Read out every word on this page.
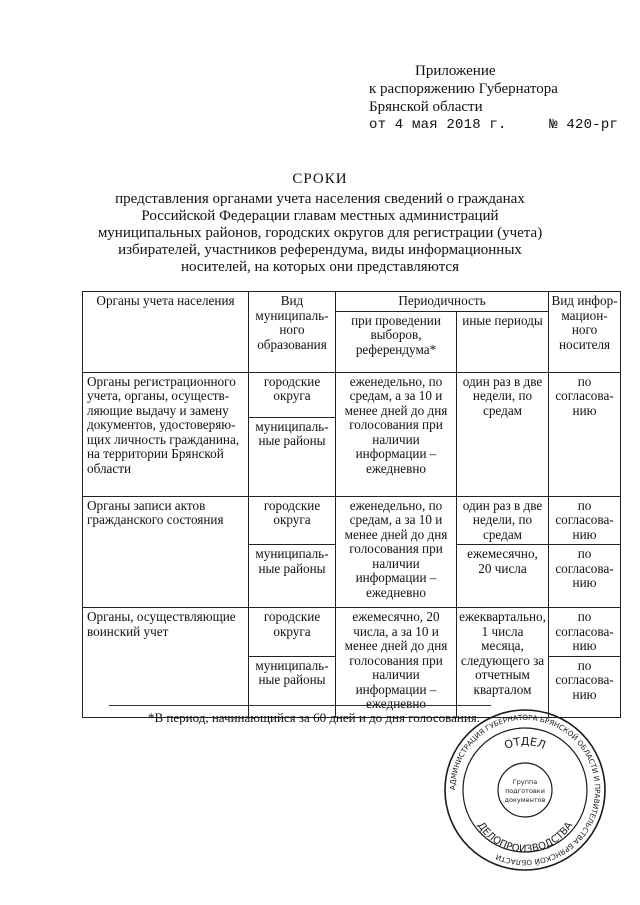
Приложение
к распоряжению Губернатора
Брянской области
от 4 мая 2018 г.	№ 420-рг
СРОКИ
представления органами учета населения сведений о гражданах Российской Федерации главам местных администраций муниципальных районов, городских округов для регистрации (учета) избирателей, участников референдума, виды информационных носителей, на которых они представляются
Органы учета населения	Вид муниципаль-ного образования	Периодичность		Вид инфор-мацион-ного носителя
		при проведении выборов, референдума*	иные периоды	
Органы регистрационного учета, органы, осуществ-ляющие выдачу и замену документов, удостоверяю-щих личность гражданина, на территории Брянской области	городские округа	еженедельно, по средам, а за 10 и менее дней до дня голосования при наличии информации – ежедневно	один раз в две недели, по средам	по согласова-нию
	муниципаль-ные районы			
Органы записи актов гражданского состояния	городские округа	еженедельно, по средам, а за 10 и менее дней до дня голосования при наличии информации – ежедневно	один раз в две недели, по средам	по согласова-нию
	муниципаль-ные районы		ежемесячно, 20 числа	по согласова-нию
Органы, осуществляющие воинский учет	городские округа	ежемесячно, 20 числа, а за 10 и менее дней до дня голосования при наличии информации – ежедневно	ежеквартально, 1 числа месяца, следующего за отчетным кварталом	по согласова-нию
	муниципаль-ные районы			по согласова-нию
*В период, начинающийся за 60 дней и до дня голосования.
АДМИНИСТРАЦИЯ ГУБЕРНАТОРА БРЯНСКОЙ ОБЛАСТИ И ПРАВИТЕЛЬСТВА БРЯНСКОЙ ОБЛАСТИ
ОТДЕЛ
ДЕЛОПРОИЗВОДСТВА
Группа
подготовки
документов
